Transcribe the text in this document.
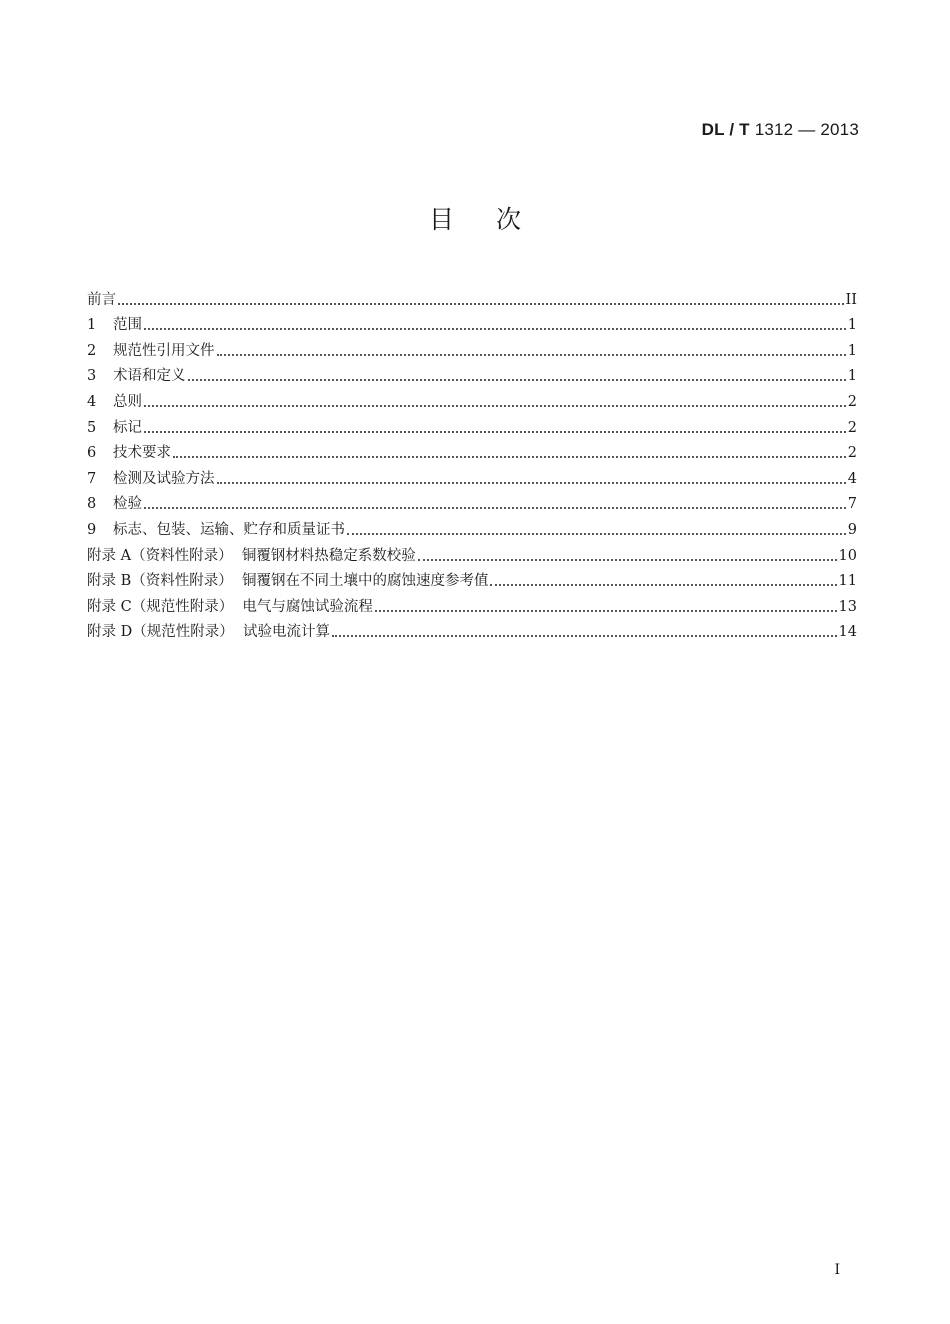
DL / T 1312 — 2013
目次
前言	II
1	范围	1
2	规范性引用文件	1
3	术语和定义	1
4	总则	2
5	标记	2
6	技术要求	2
7	检测及试验方法	4
8	检验	7
9	标志、包装、运输、贮存和质量证书	9
附录 A（资料性附录） 铜覆钢材料热稳定系数校验	10
附录 B（资料性附录） 铜覆钢在不同土壤中的腐蚀速度参考值	11
附录 C（规范性附录） 电气与腐蚀试验流程	13
附录 D（规范性附录） 试验电流计算	14
I
